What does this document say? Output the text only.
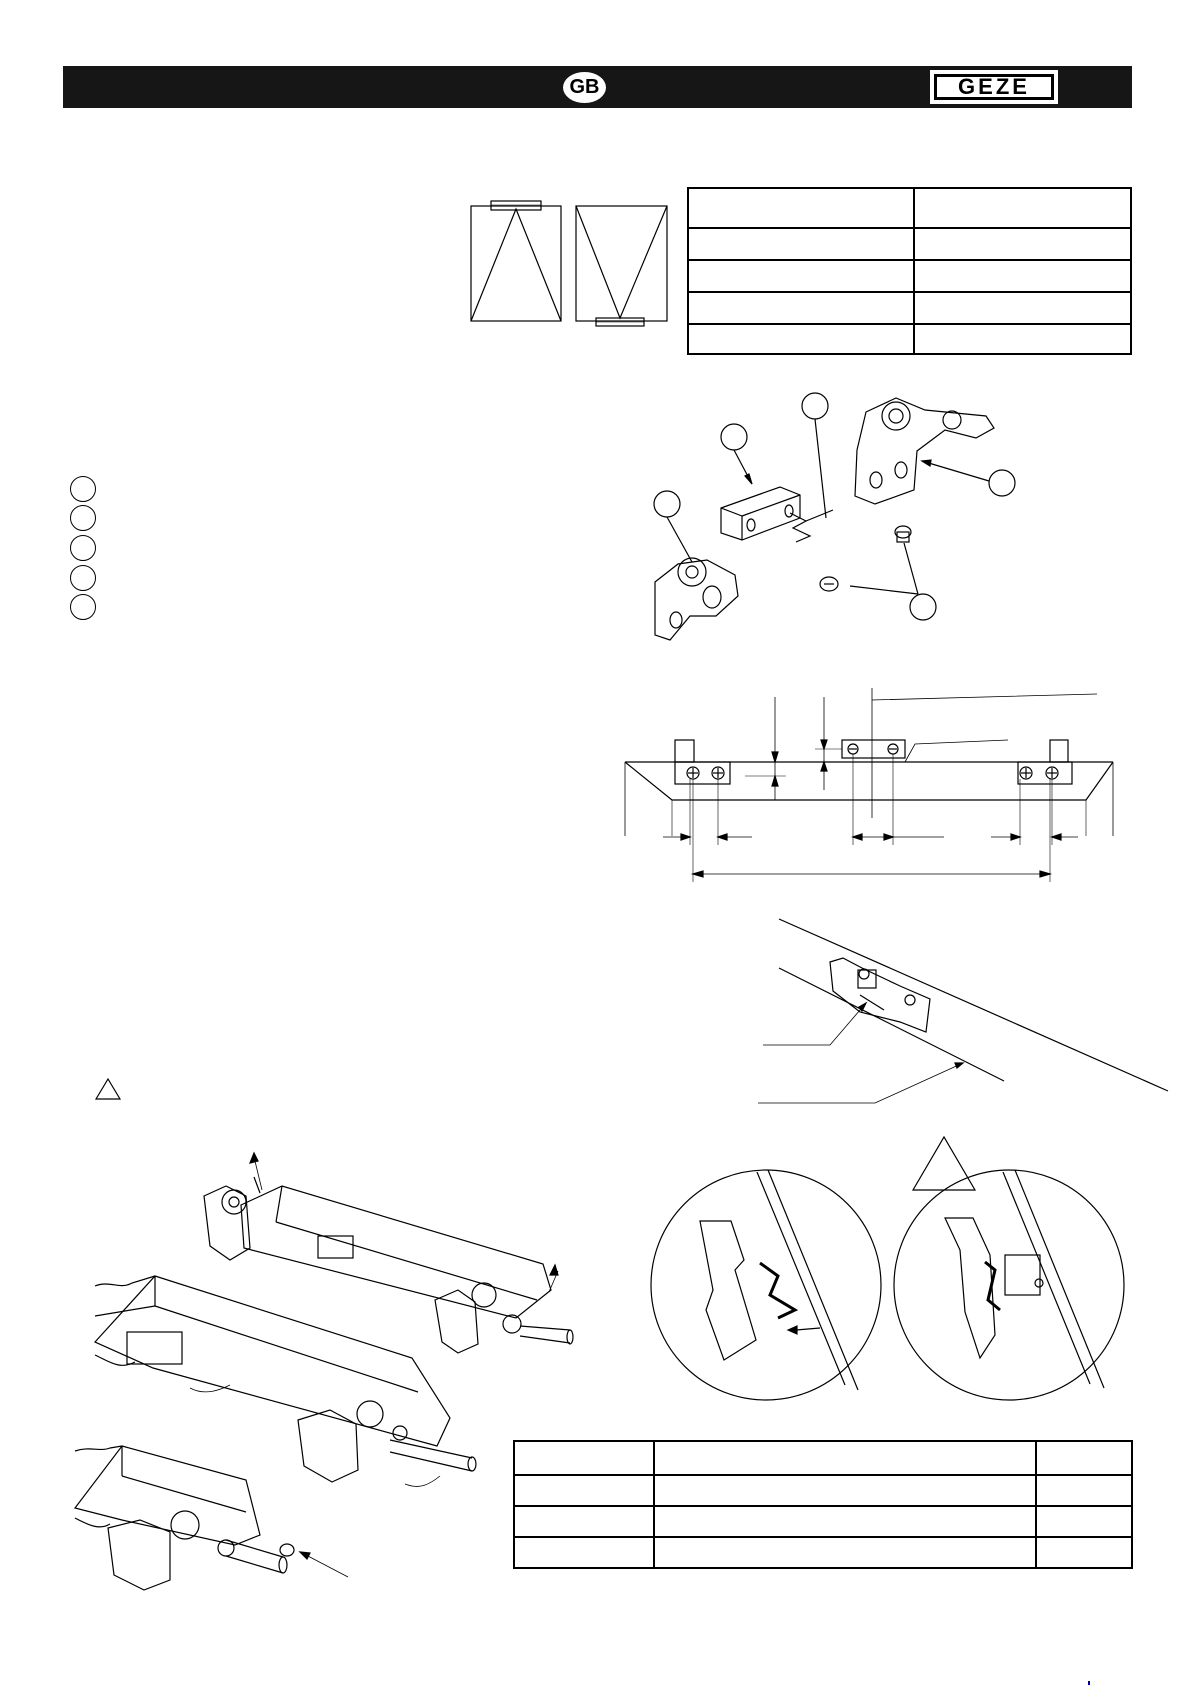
GB	GEZE
